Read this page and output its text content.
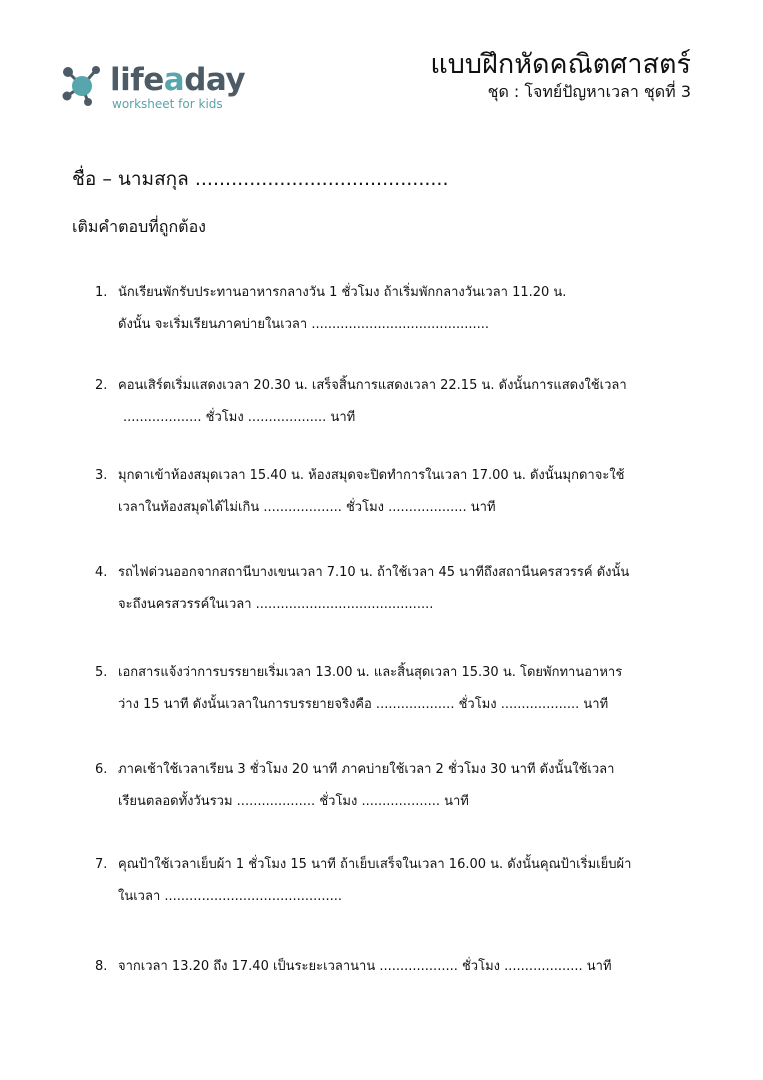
lifeaday
worksheet for kids
แบบฝึกหัดคณิตศาสตร์
ชุด : โจทย์ปัญหาเวลา ชุดที่ 3
ชื่อ – นามสกุล ..........................................
เติมคำตอบที่ถูกต้อง
1. นักเรียนพักรับประทานอาหารกลางวัน 1 ชั่วโมง ถ้าเริ่มพักกลางวันเวลา 11.20 น.
ดังนั้น จะเริ่มเรียนภาคบ่ายในเวลา ...........................................
2. คอนเสิร์ตเริ่มแสดงเวลา 20.30 น. เสร็จสิ้นการแสดงเวลา 22.15 น. ดังนั้นการแสดงใช้เวลา
................... ชั่วโมง ................... นาที
3. มุกดาเข้าห้องสมุดเวลา 15.40 น. ห้องสมุดจะปิดทำการในเวลา 17.00 น. ดังนั้นมุกดาจะใช้
เวลาในห้องสมุดได้ไม่เกิน ................... ชั่วโมง ................... นาที
4. รถไฟด่วนออกจากสถานีบางเขนเวลา 7.10 น. ถ้าใช้เวลา 45 นาทีถึงสถานีนครสวรรค์ ดังนั้น
จะถึงนครสวรรค์ในเวลา ...........................................
5. เอกสารแจ้งว่าการบรรยายเริ่มเวลา 13.00 น. และสิ้นสุดเวลา 15.30 น. โดยพักทานอาหาร
ว่าง 15 นาที ดังนั้นเวลาในการบรรยายจริงคือ ................... ชั่วโมง ................... นาที
6. ภาคเช้าใช้เวลาเรียน 3 ชั่วโมง 20 นาที ภาคบ่ายใช้เวลา 2 ชั่วโมง 30 นาที ดังนั้นใช้เวลา
เรียนตลอดทั้งวันรวม ................... ชั่วโมง ................... นาที
7. คุณป้าใช้เวลาเย็บผ้า 1 ชั่วโมง 15 นาที ถ้าเย็บเสร็จในเวลา 16.00 น. ดังนั้นคุณป้าเริ่มเย็บผ้า
ในเวลา ...........................................
8. จากเวลา 13.20 ถึง 17.40 เป็นระยะเวลานาน ................... ชั่วโมง ................... นาที
